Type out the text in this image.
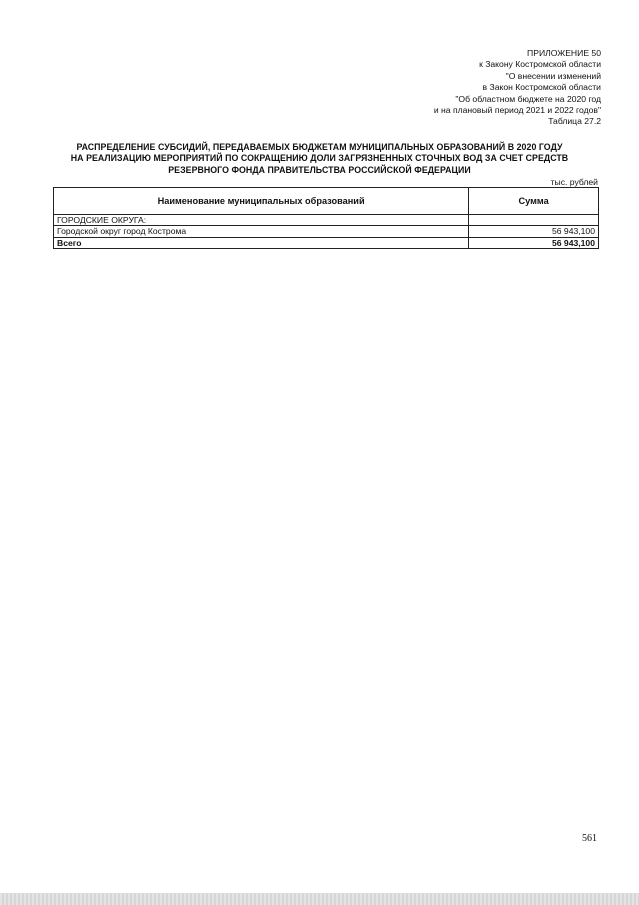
ПРИЛОЖЕНИЕ 50
к Закону Костромской области
"О внесении изменений
в Закон Костромской области
"Об областном бюджете на 2020 год
и на плановый период 2021 и 2022 годов"
Таблица 27.2
РАСПРЕДЕЛЕНИЕ СУБСИДИЙ, ПЕРЕДАВАЕМЫХ БЮДЖЕТАМ МУНИЦИПАЛЬНЫХ ОБРАЗОВАНИЙ В 2020 ГОДУ
НА РЕАЛИЗАЦИЮ МЕРОПРИЯТИЙ ПО СОКРАЩЕНИЮ ДОЛИ ЗАГРЯЗНЕННЫХ СТОЧНЫХ ВОД ЗА СЧЕТ СРЕДСТВ
РЕЗЕРВНОГО ФОНДА ПРАВИТЕЛЬСТВА РОССИЙСКОЙ ФЕДЕРАЦИИ
тыс. рублей
Наименование муниципальных образований	Сумма
ГОРОДСКИЕ ОКРУГА:	
Городской округ город Кострома	56 943,100
Всего	56 943,100
561
